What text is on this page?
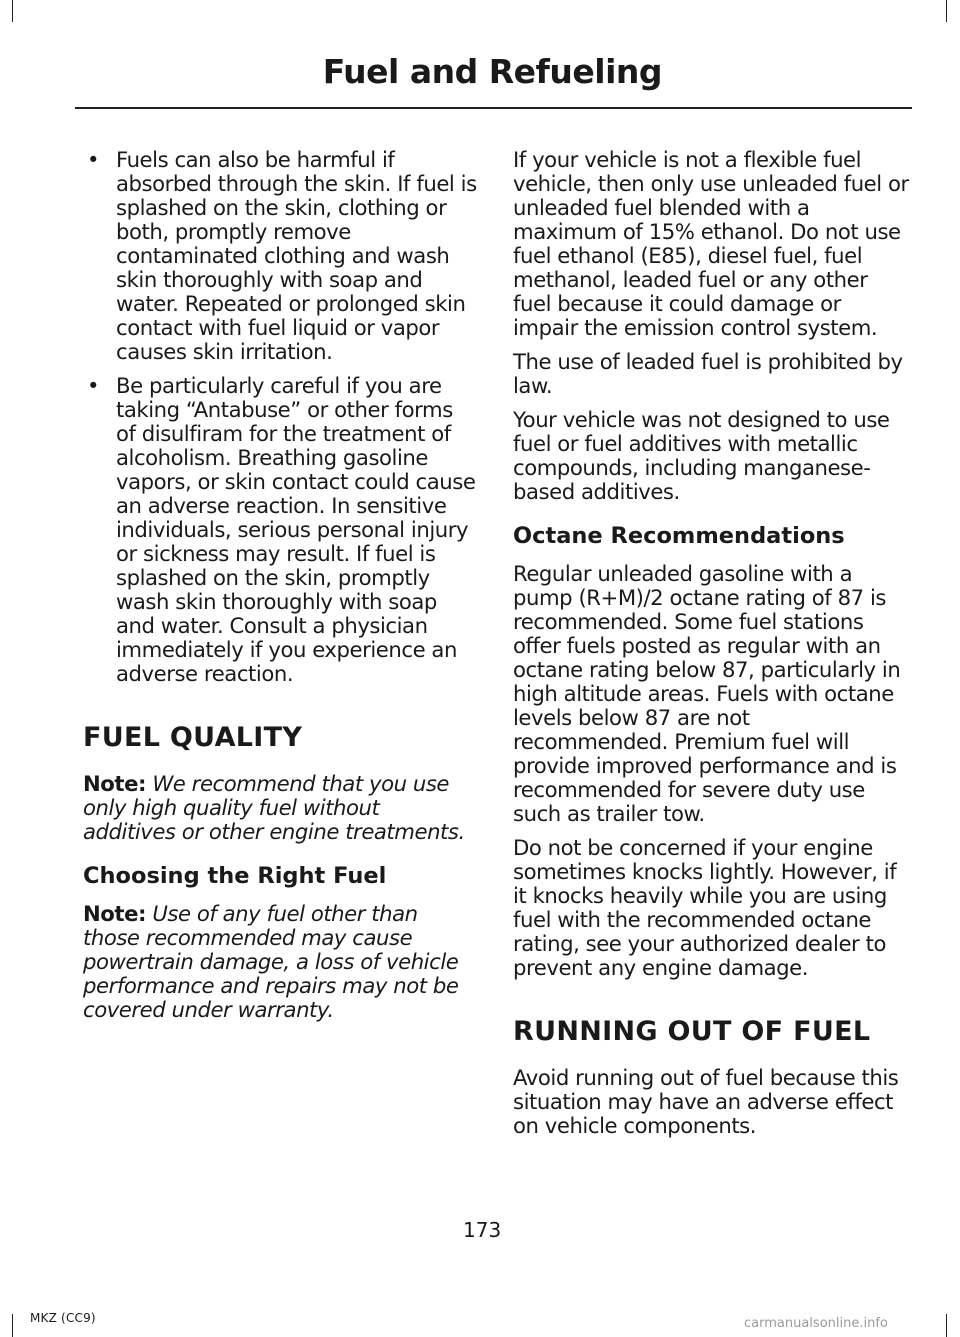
Fuel and Refueling
• Fuels can also be harmful if absorbed through the skin. If fuel is splashed on the skin, clothing or both, promptly remove contaminated clothing and wash skin thoroughly with soap and water. Repeated or prolonged skin contact with fuel liquid or vapor causes skin irritation.
• Be particularly careful if you are taking “Antabuse” or other forms of disulfiram for the treatment of alcoholism. Breathing gasoline vapors, or skin contact could cause an adverse reaction. In sensitive individuals, serious personal injury or sickness may result. If fuel is splashed on the skin, promptly wash skin thoroughly with soap and water. Consult a physician immediately if you experience an adverse reaction.
FUEL QUALITY

Note: We recommend that you use only high quality fuel without additives or other engine treatments.

Choosing the Right Fuel

Note: Use of any fuel other than those recommended may cause powertrain damage, a loss of vehicle performance and repairs may not be covered under warranty.

If your vehicle is not a flexible fuel vehicle, then only use unleaded fuel or unleaded fuel blended with a maximum of 15% ethanol. Do not use fuel ethanol (E85), diesel fuel, fuel methanol, leaded fuel or any other fuel because it could damage or impair the emission control system.

The use of leaded fuel is prohibited by law.

Your vehicle was not designed to use fuel or fuel additives with metallic compounds, including manganese-based additives.

Octane Recommendations

Regular unleaded gasoline with a pump (R+M)/2 octane rating of 87 is recommended. Some fuel stations offer fuels posted as regular with an octane rating below 87, particularly in high altitude areas. Fuels with octane levels below 87 are not recommended. Premium fuel will provide improved performance and is recommended for severe duty use such as trailer tow.

Do not be concerned if your engine sometimes knocks lightly. However, if it knocks heavily while you are using fuel with the recommended octane rating, see your authorized dealer to prevent any engine damage.

RUNNING OUT OF FUEL

Avoid running out of fuel because this situation may have an adverse effect on vehicle components.

173
MKZ (CC9)	carmanualsonline.info
